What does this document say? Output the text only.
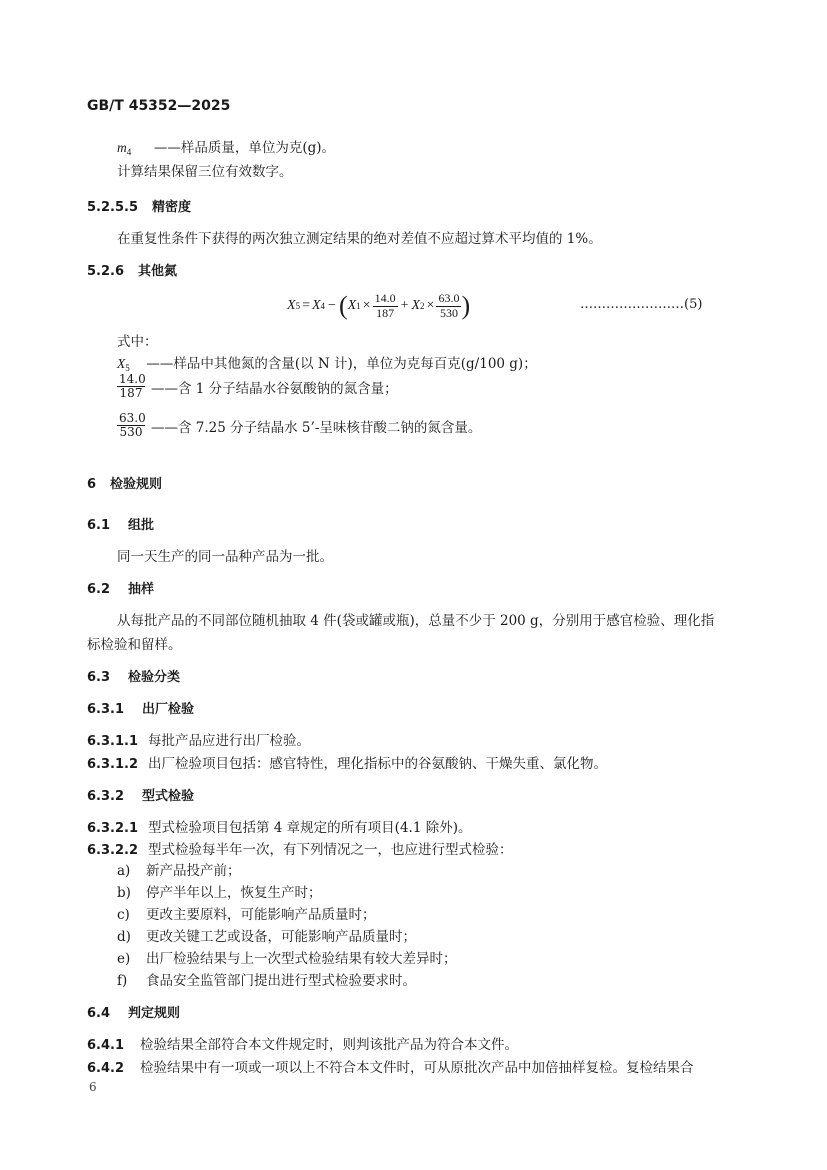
GB/T 45352—2025
$m_4$ ——样品质量，单位为克(g)。
计算结果保留三位有效数字。
5.2.5.5 精密度
在重复性条件下获得的两次独立测定结果的绝对差值不应超过算术平均值的 1%。
5.2.6 其他氮
X 5 = X 4 − ( X $1 \times \frac{14.0}{187} + X$ $2 \times \frac{63.0}{530}$ )	……………………(5)
式中：
$X_5$ ——样品中其他氮的含量(以 N 计)，单位为克每百克(g/100 g)；
$\frac{14.0}{187}$ ——含 1 分子结晶水谷氨酸钠的氮含量；
$\frac{63.0}{530}$ ——含 7.25 分子结晶水 5’-呈味核苷酸二钠的氮含量。
6 检验规则
6.1 组批
同一天生产的同一品种产品为一批。
6.2 抽样
从每批产品的不同部位随机抽取 4 件(袋或罐或瓶)，总量不少于 200 g，分别用于感官检验、理化指
标检验和留样。
6.3 检验分类
6.3.1 出厂检验
6.3.1.1 每批产品应进行出厂检验。
6.3.1.2 出厂检验项目包括：感官特性，理化指标中的谷氨酸钠、干燥失重、氯化物。
6.3.2 型式检验
6.3.2.1 型式检验项目包括第 4 章规定的所有项目(4.1 除外)。
6.3.2.2 型式检验每半年一次，有下列情况之一，也应进行型式检验：
a) 新产品投产前；
b) 停产半年以上，恢复生产时；
c) 更改主要原料，可能影响产品质量时；
d) 更改关键工艺或设备，可能影响产品质量时；
e) 出厂检验结果与上一次型式检验结果有较大差异时；
f) 食品安全监管部门提出进行型式检验要求时。
6.4 判定规则
6.4.1 检验结果全部符合本文件规定时，则判该批产品为符合本文件。
6.4.2 检验结果中有一项或一项以上不符合本文件时，可从原批次产品中加倍抽样复检。复检结果合
6
